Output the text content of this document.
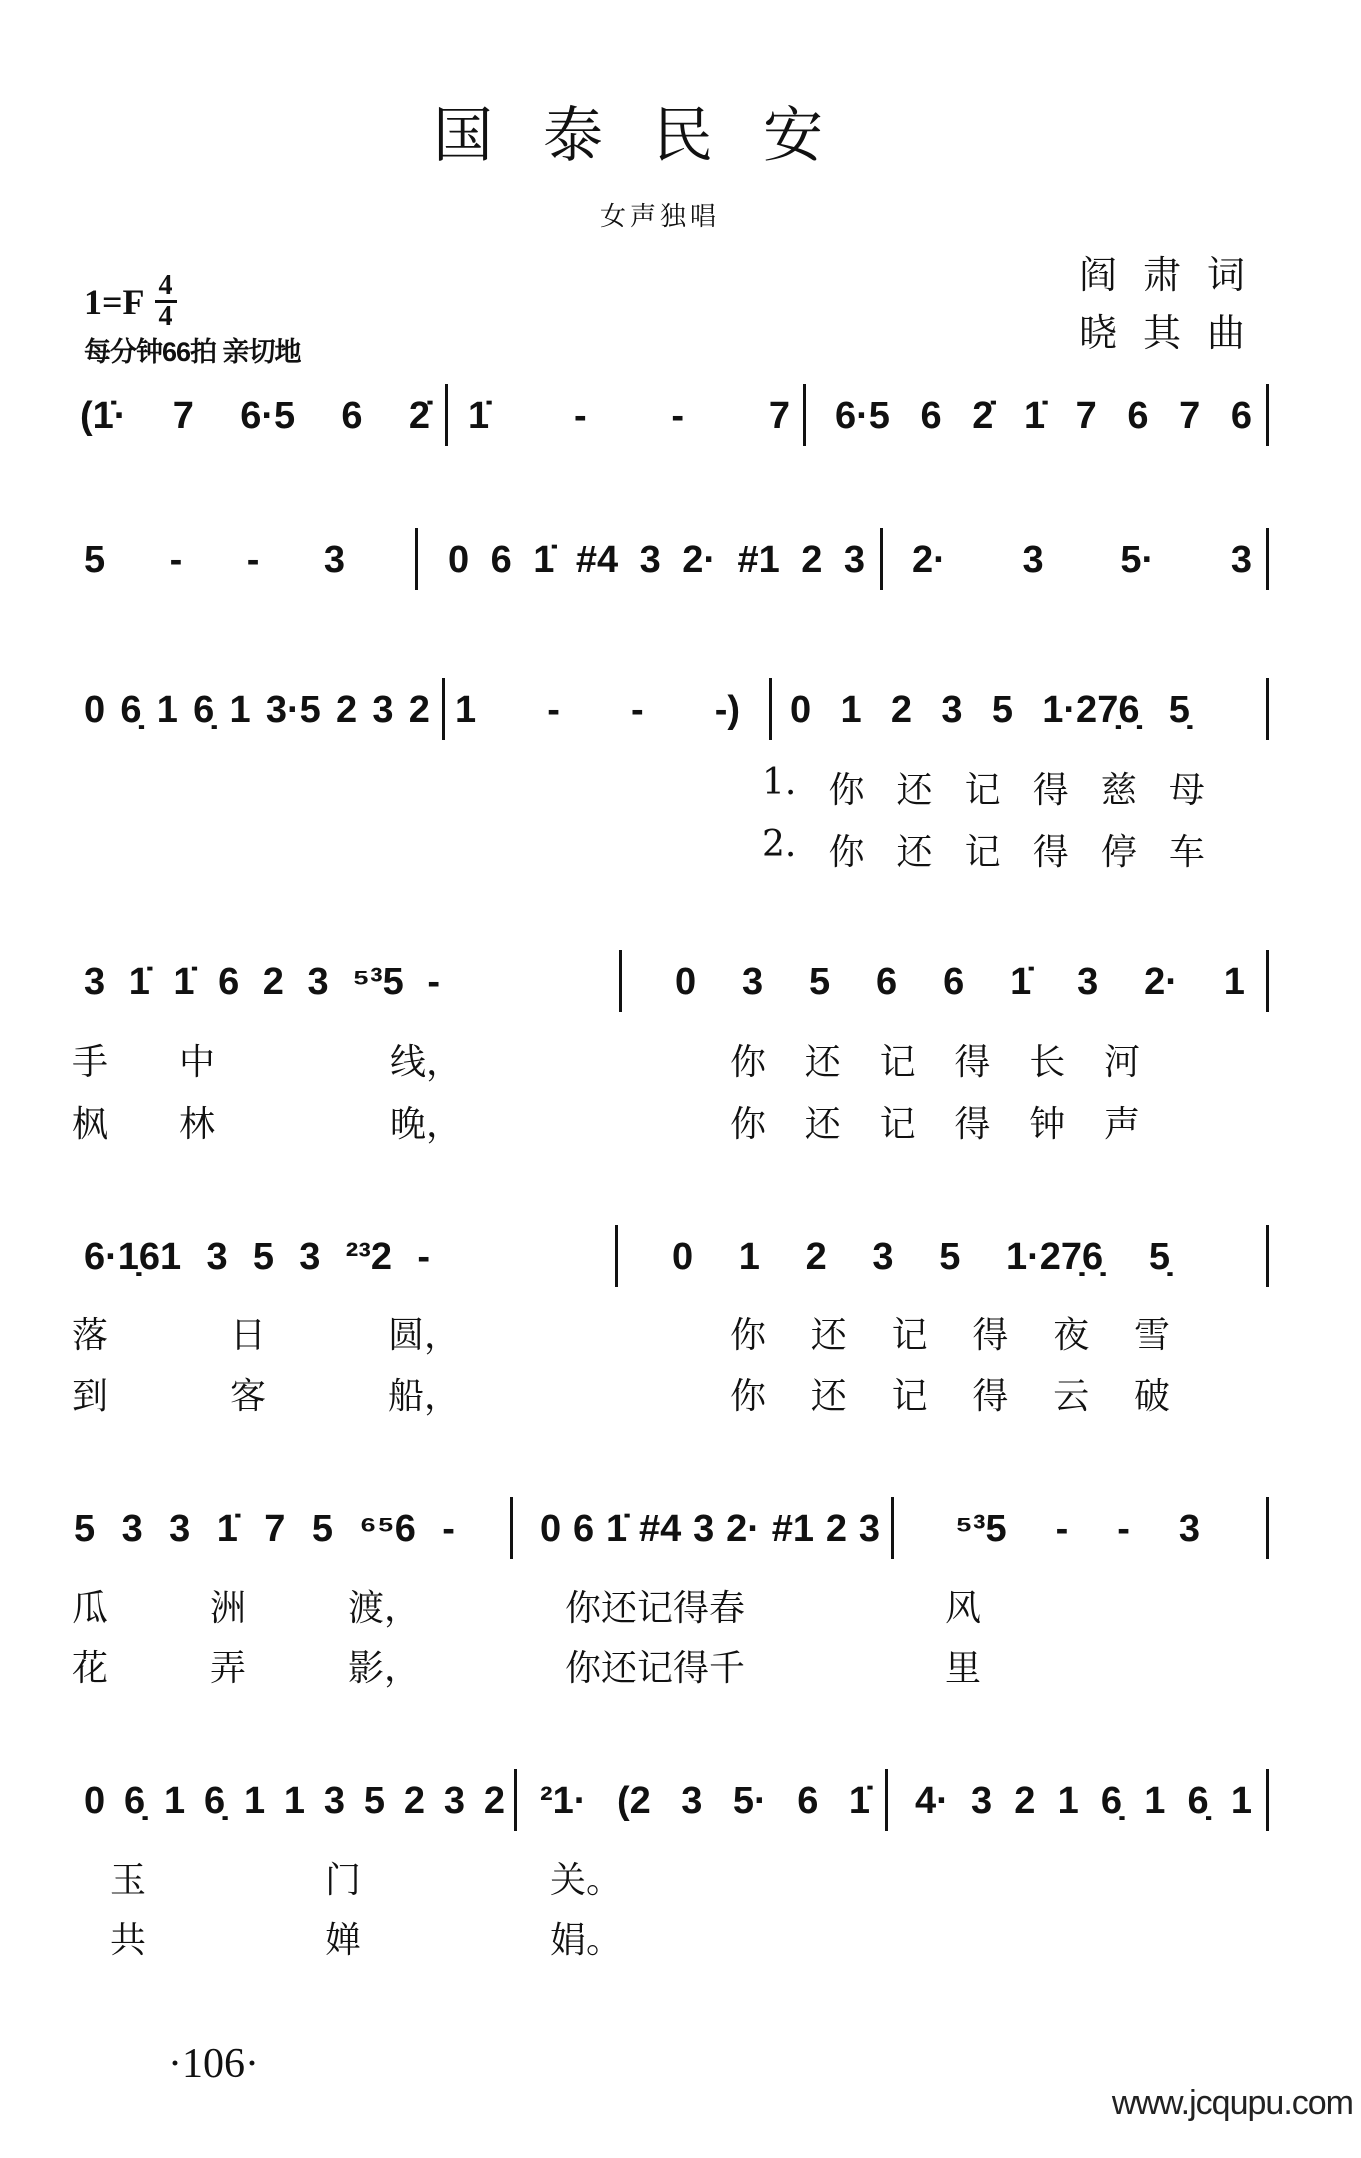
国泰民安
女声独唱
阎肃词
晓其曲
$1=F \frac{4}{4}$
每分钟66拍 亲切地
(1̇· 7 6·5 6 2̇ 1̇ - - 7 6·5 6 2̇ 1̇ 7 6 7 6
5 - - 3	0 6 1̇ #4 3 2· #1 2 3 2· 3 5· 3
0 6̣ 1 6̣ 1 3·5 2 3 2 1 - - -) 0 1 2 3 5 1·27̣6̣ 5̣
1. 你 还 记 得 慈 母
2. 你 还 记 得 停 车
3 1̇ 1̇ 6 2 3 ⁵³5 -	0 3 5 6 6 1̇ 3 2· 1
手 中	线，	你 还 记 得 长 河
枫 林	晚，	你 还 记 得 钟 声
6·1̣61 3 5 3 ²³2 -	0 1 2 3 5 1·27̣6̣ 5̣
落	日	圆，	你 还 记 得 夜 雪
到	客	船，	你 还 记 得 云 破
5 3 3 1̇ 7 5 ⁶⁵6 - 0 6 1̇ #4 3 2· #1 2 3 ⁵³5 - - 3
瓜	洲	渡，	你还记得春	风
花	弄	影，	你还记得千	里
0 6̣ 1 6̣ 1 1 3 5 2 3 2 ²1· (2 3 5· 6 1̇ 4· 3 2 1 6̣ 1 6̣ 1
玉	门	关。
共	婵	娟。
·106·
www.jcqupu.com
